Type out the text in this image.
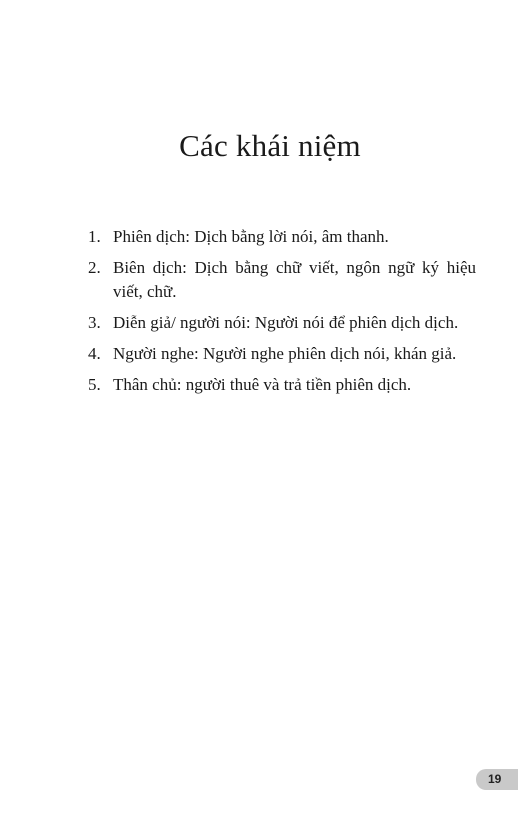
Các khái niệm
1. Phiên dịch: Dịch bằng lời nói, âm thanh.
2. Biên dịch: Dịch bằng chữ viết, ngôn ngữ ký hiệu viết, chữ.
3. Diễn giả/ người nói: Người nói để phiên dịch dịch.
4. Người nghe: Người nghe phiên dịch nói, khán giả.
5. Thân chủ: người thuê và trả tiền phiên dịch.
19
